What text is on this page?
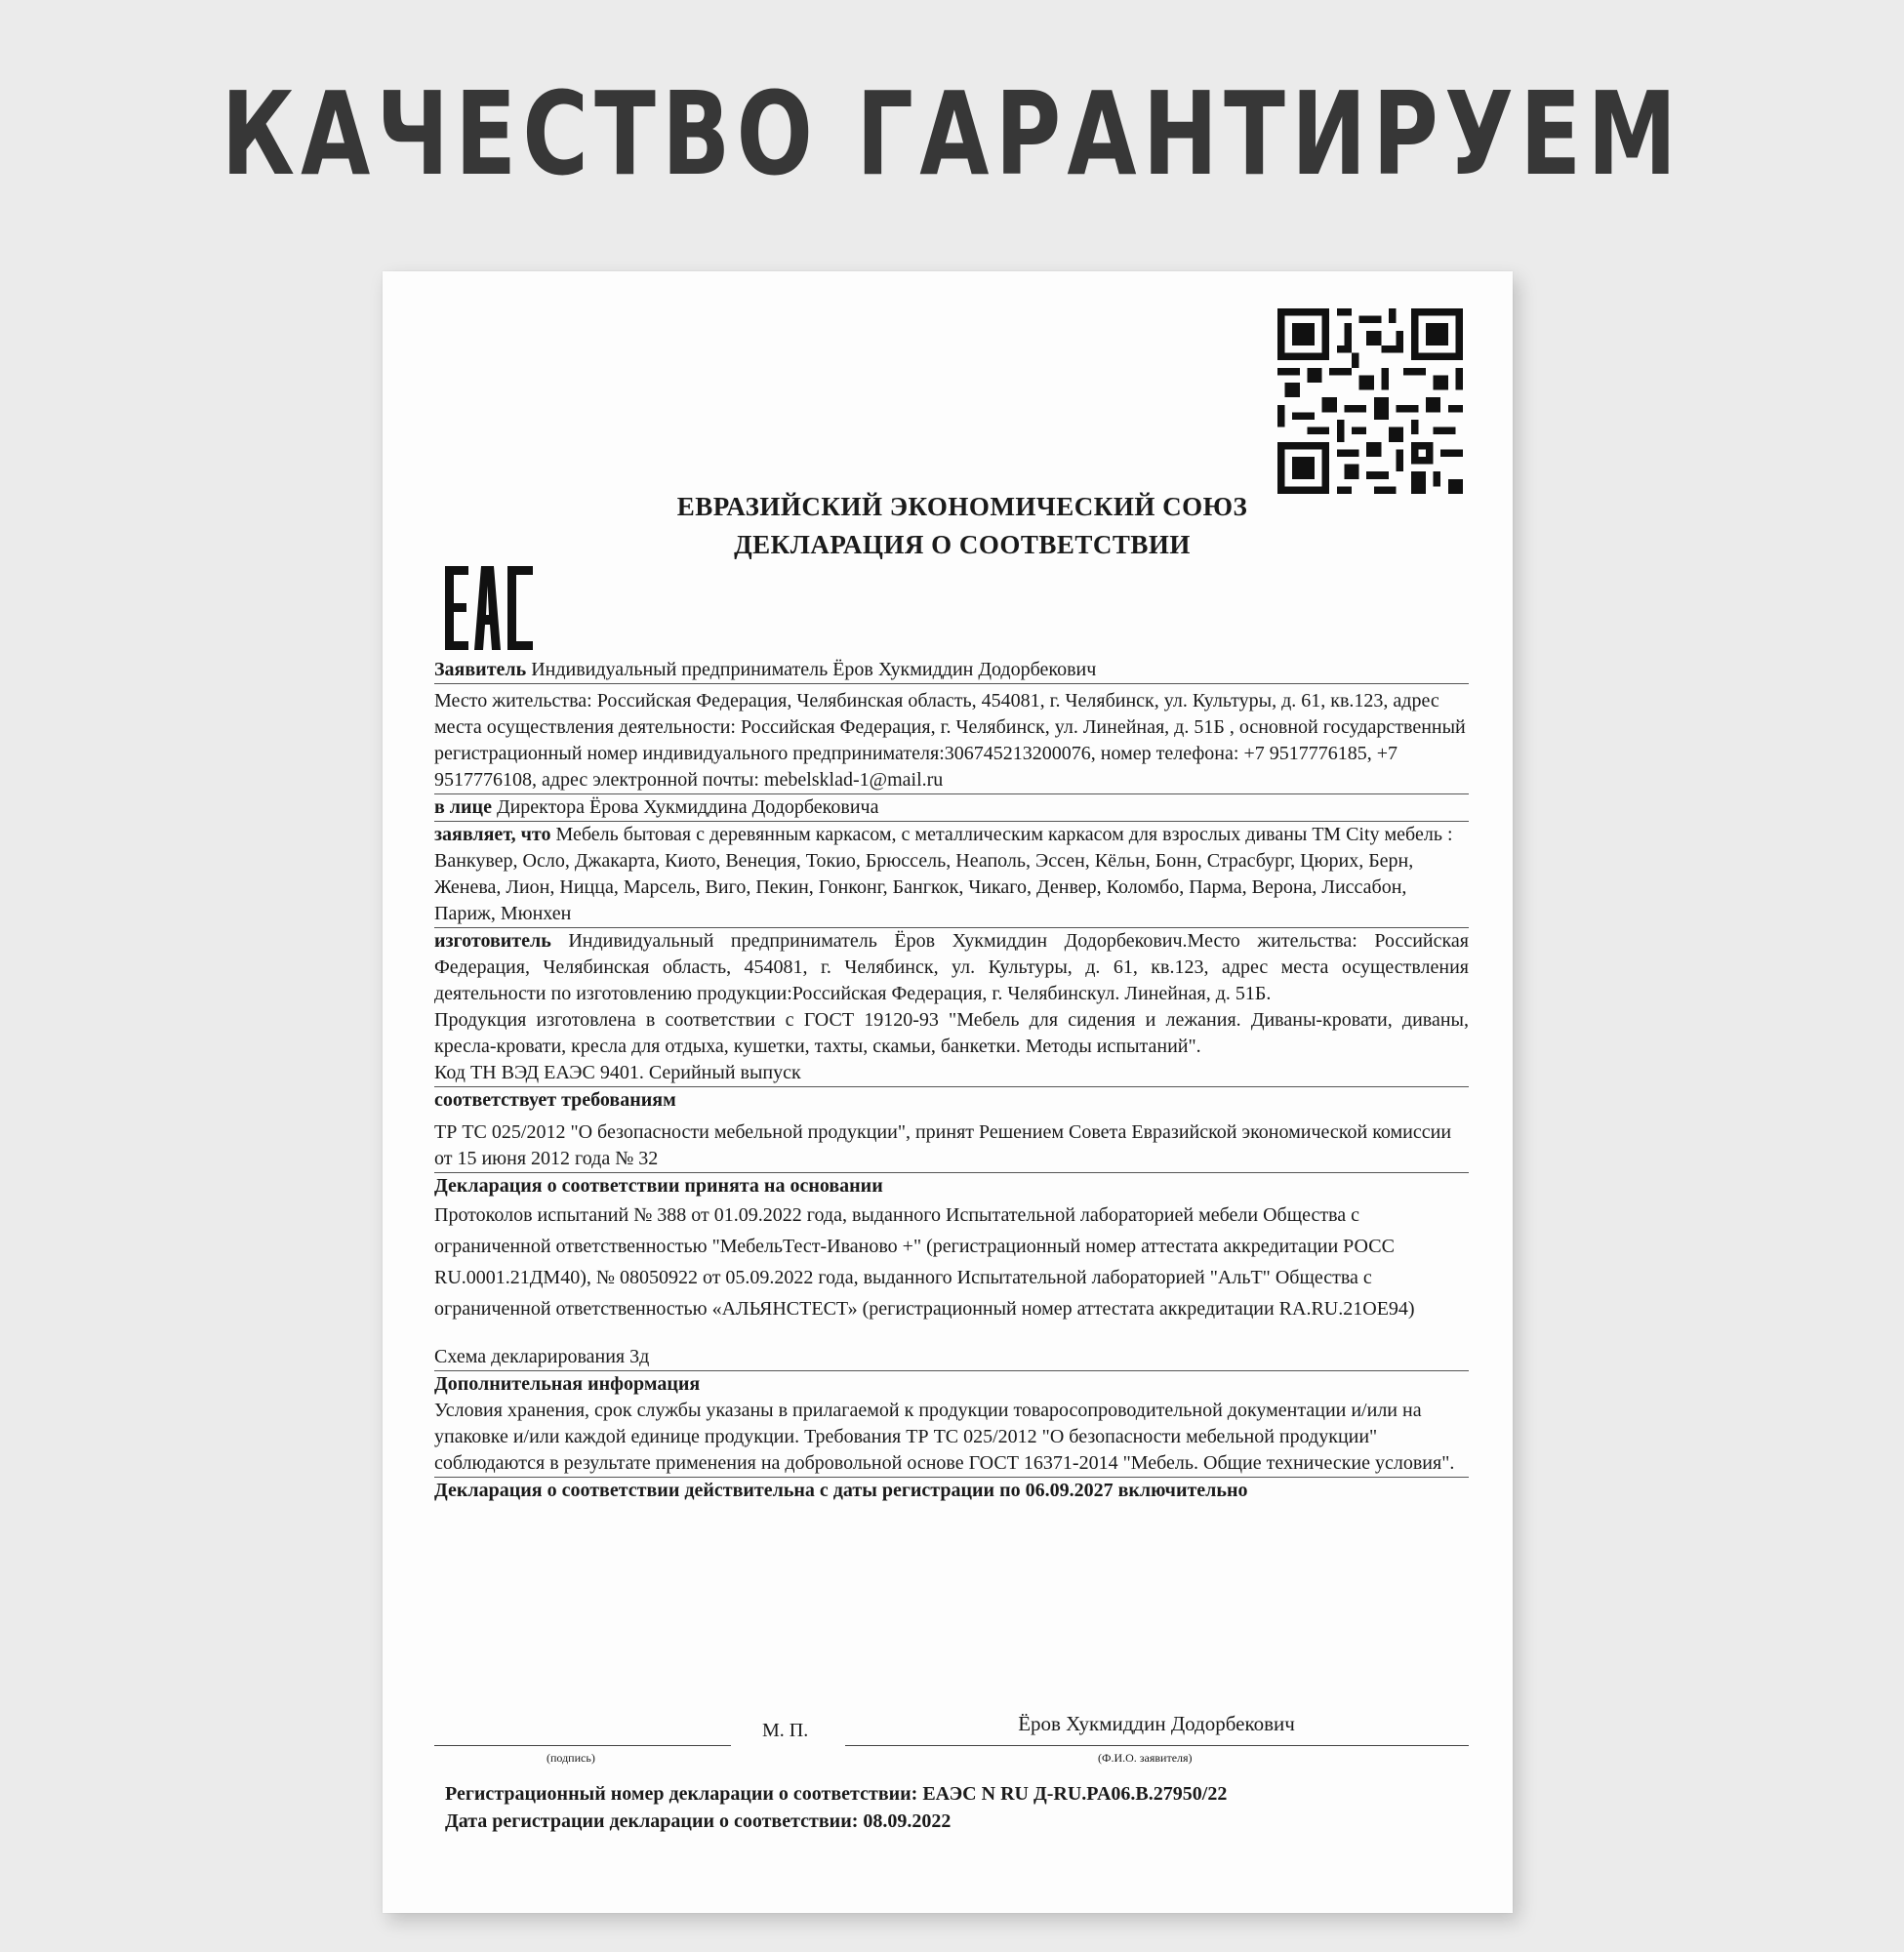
КАЧЕСТВО ГАРАНТИРУЕМ
ЕВРАЗИЙСКИЙ ЭКОНОМИЧЕСКИЙ СОЮЗ
ДЕКЛАРАЦИЯ О СООТВЕТСТВИИ
Заявитель Индивидуальный предприниматель Ёров Хукмиддин Додорбекович
Место жительства: Российская Федерация, Челябинская область, 454081, г. Челябинск, ул. Культуры, д. 61, кв.123, адрес места осуществления деятельности: Российская Федерация, г. Челябинск, ул. Линейная, д. 51Б , основной государственный регистрационный номер индивидуального предпринимателя:306745213200076, номер телефона: +7 9517776185, +7 9517776108, адрес электронной почты: mebelsklad-1@mail.ru
в лице Директора Ёрова Хукмиддина Додорбековича
заявляет, что Мебель бытовая с деревянным каркасом, с металлическим каркасом для взрослых диваны ТМ City мебель : Ванкувер, Осло, Джакарта, Киото, Венеция, Токио, Брюссель, Неаполь, Эссен, Кёльн, Бонн, Страсбург, Цюрих, Берн, Женева, Лион, Ницца, Марсель, Виго, Пекин, Гонконг, Бангкок, Чикаго, Денвер, Коломбо, Парма, Верона, Лиссабон, Париж, Мюнхен
изготовитель Индивидуальный предприниматель Ёров Хукмиддин Додорбекович.Место жительства: Российская Федерация, Челябинская область, 454081, г. Челябинск, ул. Культуры, д. 61, кв.123, адрес места осуществления деятельности по изготовлению продукции:Российская Федерация, г. Челябинскул. Линейная, д. 51Б.
Продукция изготовлена в соответствии с ГОСТ 19120-93 "Мебель для сидения и лежания. Диваны-кровати, диваны, кресла-кровати, кресла для отдыха, кушетки, тахты, скамьи, банкетки. Методы испытаний".
Код ТН ВЭД ЕАЭС 9401. Серийный выпуск
соответствует требованиям
ТР ТС 025/2012 "О безопасности мебельной продукции", принят Решением Совета Евразийской экономической комиссии от 15 июня 2012 года № 32
Декларация о соответствии принята на основании
Протоколов испытаний № 388 от 01.09.2022 года, выданного Испытательной лабораторией мебели Общества с ограниченной ответственностью "МебельТест-Иваново +" (регистрационный номер аттестата аккредитации РОСС RU.0001.21ДМ40), № 08050922 от 05.09.2022 года, выданного Испытательной лабораторией "АльТ" Общества с ограниченной ответственностью «АЛЬЯНСТЕСТ» (регистрационный номер аттестата аккредитации RA.RU.21ОЕ94)
Схема декларирования 3д
Дополнительная информация
Условия хранения, срок службы указаны в прилагаемой к продукции товаросопроводительной документации и/или на упаковке и/или каждой единице продукции. Требования ТР ТС 025/2012 "О безопасности мебельной продукции" соблюдаются в результате применения на добровольной основе ГОСТ 16371-2014 "Мебель. Общие технические условия".
Декларация о соответствии действительна с даты регистрации по 06.09.2027 включительно
(подпись)
М. П.	Ёров Хукмиддин Додорбекович
(Ф.И.О. заявителя)
Регистрационный номер декларации о соответствии: ЕАЭС N RU Д-RU.PA06.B.27950/22
Дата регистрации декларации о соответствии: 08.09.2022
